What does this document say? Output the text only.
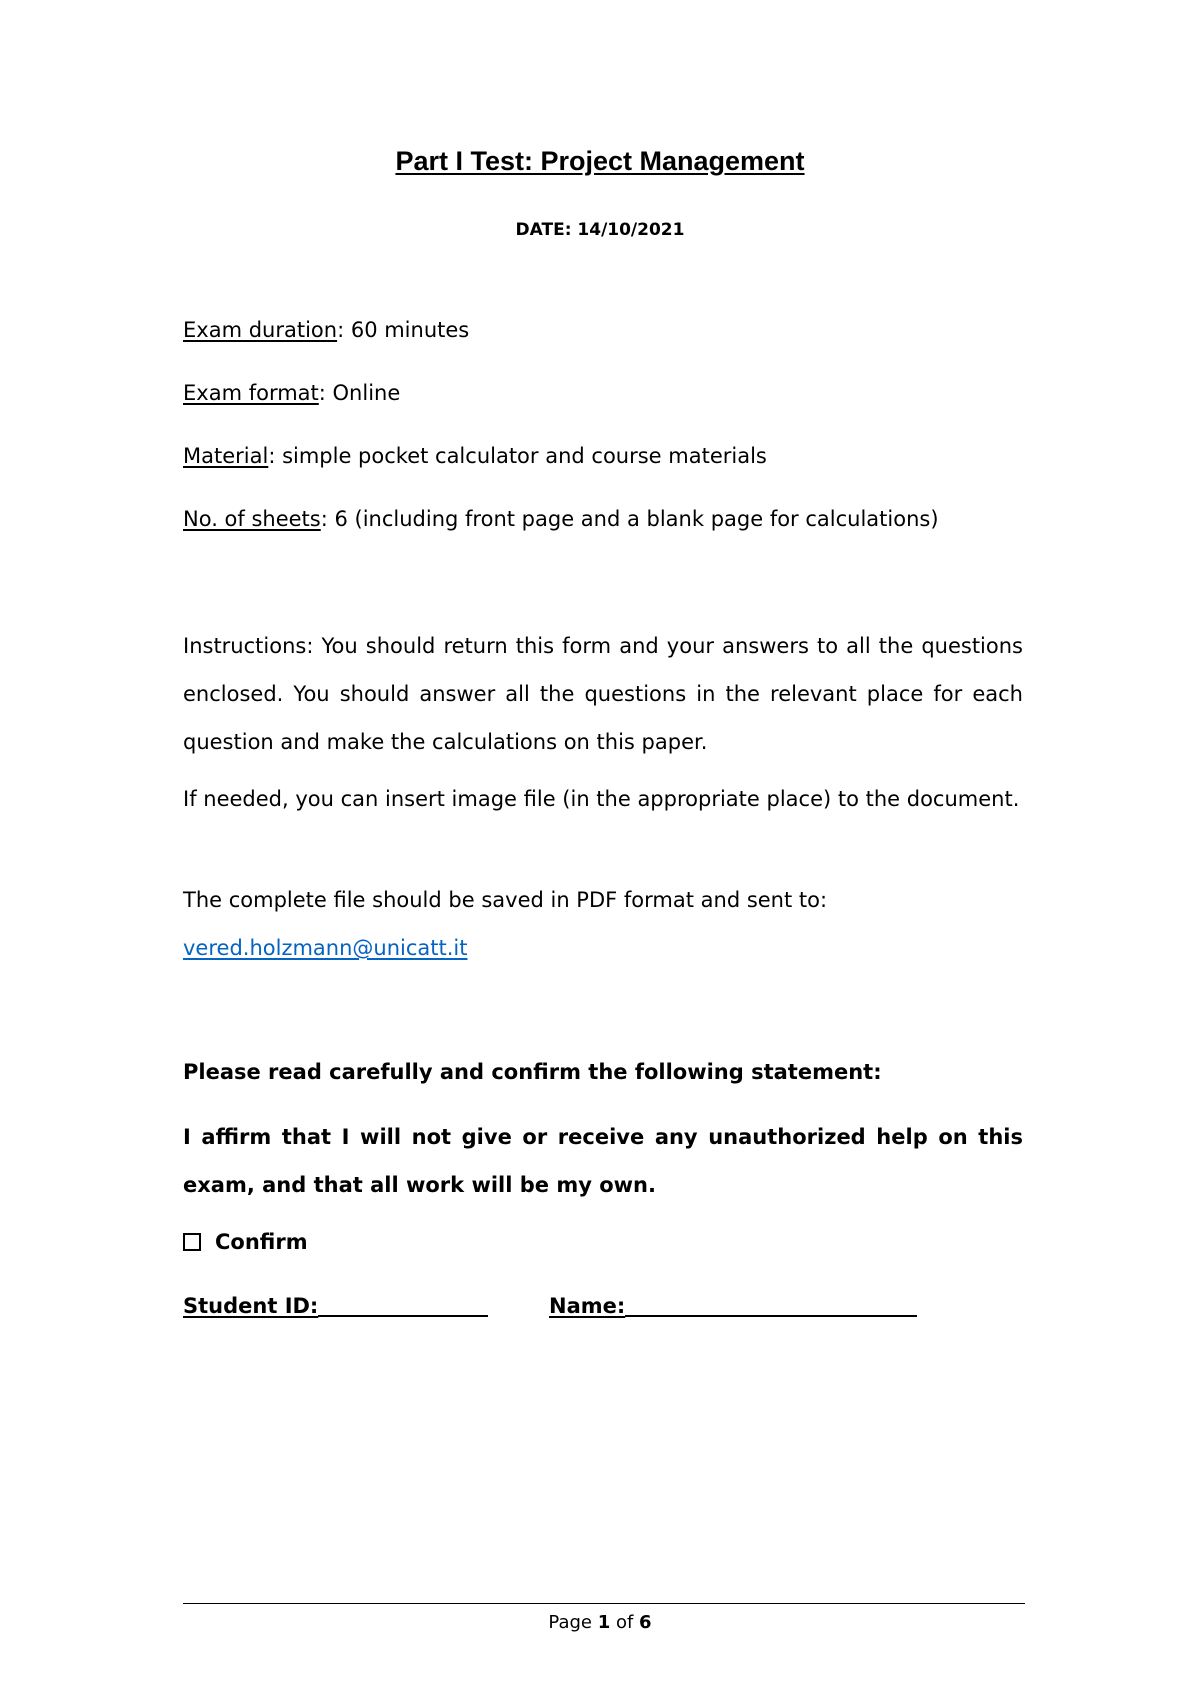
Part I Test: Project Management
DATE: 14/10/2021
Exam duration: 60 minutes
Exam format: Online
Material: simple pocket calculator and course materials
No. of sheets: 6 (including front page and a blank page for calculations)
Instructions: You should return this form and your answers to all the questions enclosed. You should answer all the questions in the relevant place for each question and make the calculations on this paper.
If needed, you can insert image file (in the appropriate place) to the document.
The complete file should be saved in PDF format and sent to:
vered.holzmann@unicatt.it
Please read carefully and confirm the following statement:
I affirm that I will not give or receive any unauthorized help on this exam, and that all work will be my own.
Confirm
Student ID:	Name:
Page 1 of 6
